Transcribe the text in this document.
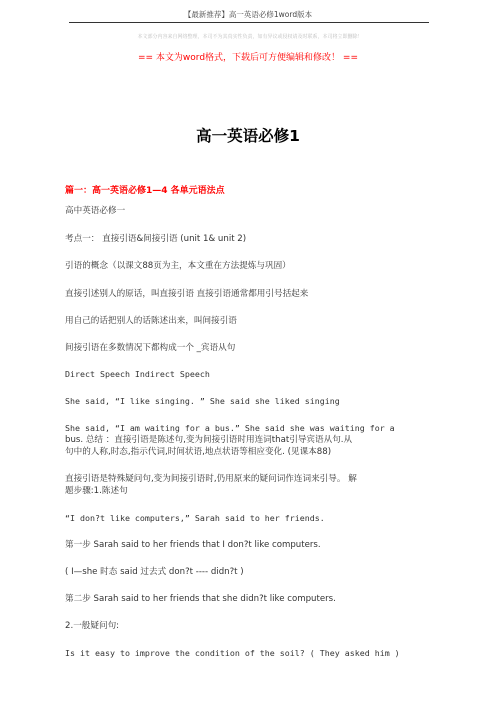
【最新推荐】高一英语必修1word版本
本文部分内容来自网络整理，本司不为其真实性负责，如有异议或侵权请及时联系，本司将立即删除！
== 本文为word格式，下载后可方便编辑和修改！ ==
高一英语必修1
篇一：高一英语必修1—4 各单元语法点
高中英语必修一
考点一： 直接引语&间接引语 (unit 1& unit 2)
引语的概念（以课文88页为主，本文重在方法提炼与巩固）
直接引述别人的原话，叫直接引语 直接引语通常都用引号括起来
用自己的话把别人的话陈述出来，叫间接引语
间接引语在多数情况下都构成一个 _宾语从句
Direct Speech Indirect Speech
She said, “I like singing. ” She said she liked singing
She said, “I am waiting for a bus.” She said she was waiting for a
bus. 总结 ：直接引语是陈述句,变为间接引语时用连词that引导宾语从句.从
句中的人称,时态,指示代词,时间状语,地点状语等相应变化. (见课本88)
直接引语是特殊疑问句,变为间接引语时,仍用原来的疑问词作连词来引导。 解
题步骤:1.陈述句
“I don?t like computers,” Sarah said to her friends.
第一步 Sarah said to her friends that I don?t like computers.
( I—she 时态 said 过去式 don?t ---- didn?t )
第二步 Sarah said to her friends that she didn?t like computers.
2.一般疑问句:
Is it easy to improve the condition of the soil? ( They asked him )
